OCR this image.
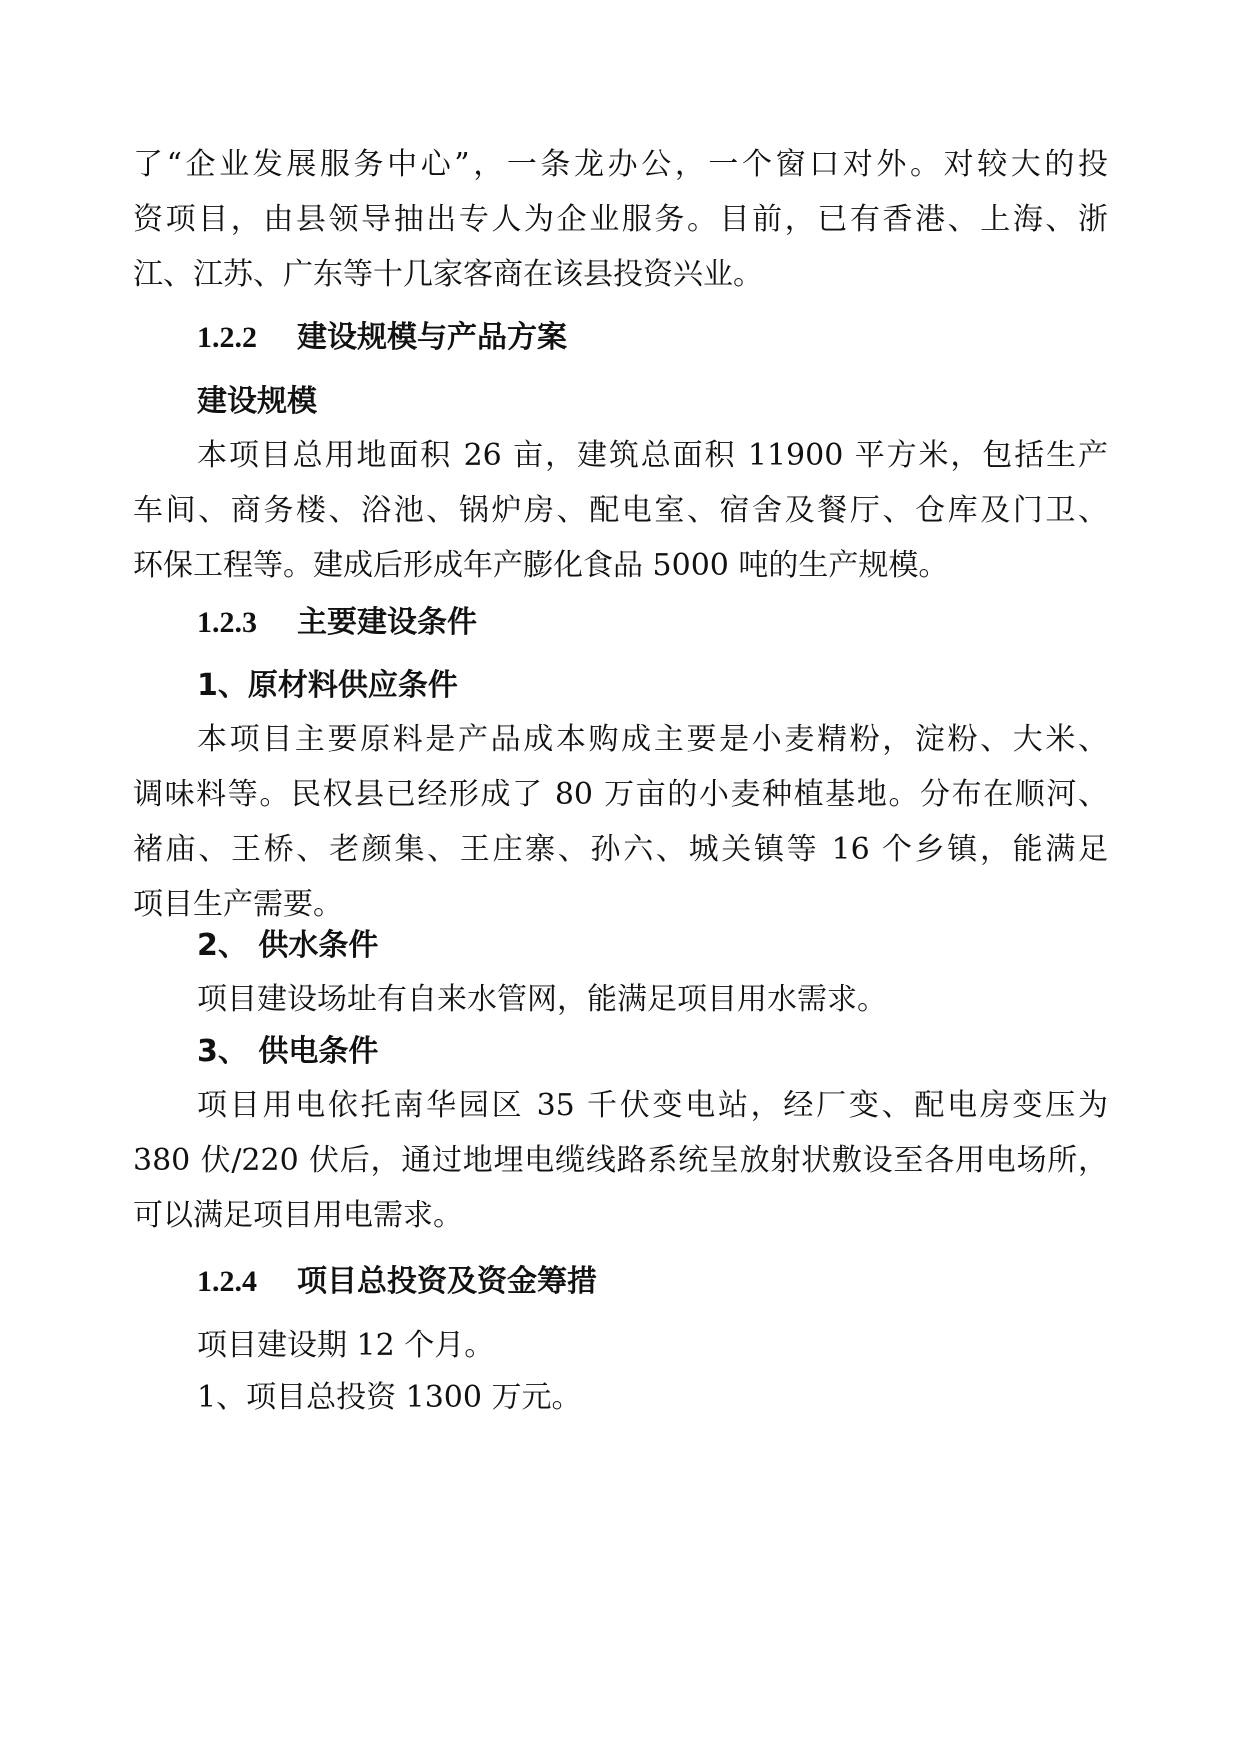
了“企业发展服务中心”，一条龙办公，一个窗口对外。对较大的投

资项目，由县领导抽出专人为企业服务。目前，已有香港、上海、浙

江、江苏、广东等十几家客商在该县投资兴业。

1.2.2 建设规模与产品方案

建设规模

本项目总用地面积 26 亩，建筑总面积 11900 平方米，包括生产

车间、商务楼、浴池、锅炉房、配电室、宿舍及餐厅、仓库及门卫、

环保工程等。建成后形成年产膨化食品 5000 吨的生产规模。

1.2.3 主要建设条件

1、原材料供应条件

本项目主要原料是产品成本购成主要是小麦精粉，淀粉、大米、

调味料等。民权县已经形成了 80 万亩的小麦种植基地。分布在顺河、

褚庙、王桥、老颜集、王庄寨、孙六、城关镇等 16 个乡镇，能满足

项目生产需要。

2、 供水条件

项目建设场址有自来水管网，能满足项目用水需求。

3、 供电条件

项目用电依托南华园区 35 千伏变电站，经厂变、配电房变压为

380 伏/220 伏后，通过地埋电缆线路系统呈放射状敷设至各用电场所，

可以满足项目用电需求。

1.2.4 项目总投资及资金筹措

项目建设期 12 个月。

1、项目总投资 1300 万元。
